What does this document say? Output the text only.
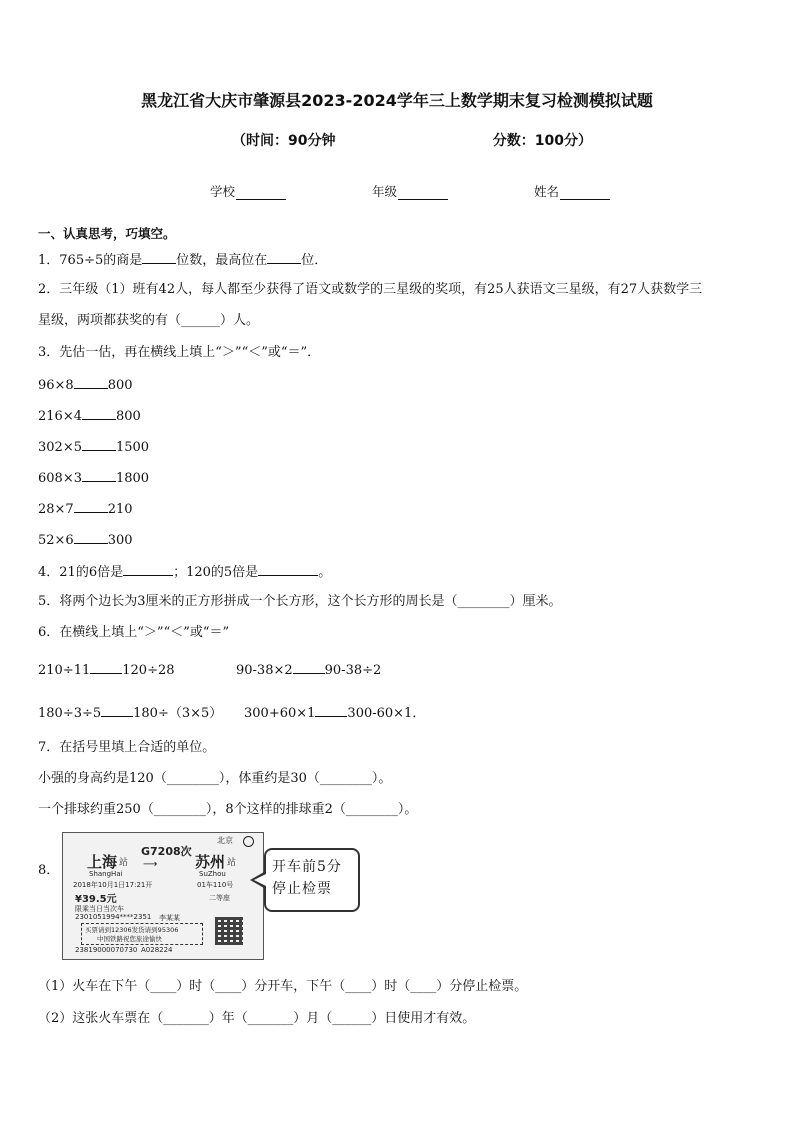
黑龙江省大庆市肇源县2023-2024学年三上数学期末复习检测模拟试题
（时间：90分钟	分数：100分）
学校	年级	姓名
一、认真思考，巧填空。
1．765÷5的商是	位数，最高位在	位．
2．三年级（1）班有42人，每人都至少获得了语文或数学的三星级的奖项，有25人获语文三星级，有27人获数学三
星级，两项都获奖的有（______）人。
3．先估一估，再在横线上填上“＞”“＜”或“＝”．
96×8	800
216×4	800
302×5	1500
608×3	1800
28×7	210
52×6	300
4．21的6倍是	；120的5倍是	。
5．将两个边长为3厘米的正方形拼成一个长方形，这个长方形的周长是（________）厘米。
6．在横线上填上“＞”“＜”或“＝”
210÷11 120÷28	90-38×2 90-38÷2
180÷3÷5 180÷（3×5） 300+60×1 300-60×1．
7．在括号里填上合适的单位。
小强的身高约是120（________），体重约是30（________）。
一个排球约重250（________），8个这样的排球重2（________）。
8．
北京
上海 站
G7208次
⟶	苏州 站
ShangHai	SuZhou
2018年10月1日17:21开	01车110号
¥39.5元	二等座
限乘当日当次车
2301051994****2351 李某某
买票请到12306发货请到95306
中国铁路祝您旅途愉快
23819000070730 A028224
开车前5分
停止检票
（1）火车在下午（____）时（____）分开车，下午（____）时（____）分停止检票。
（2）这张火车票在（_______）年（_______）月（______）日使用才有效。
